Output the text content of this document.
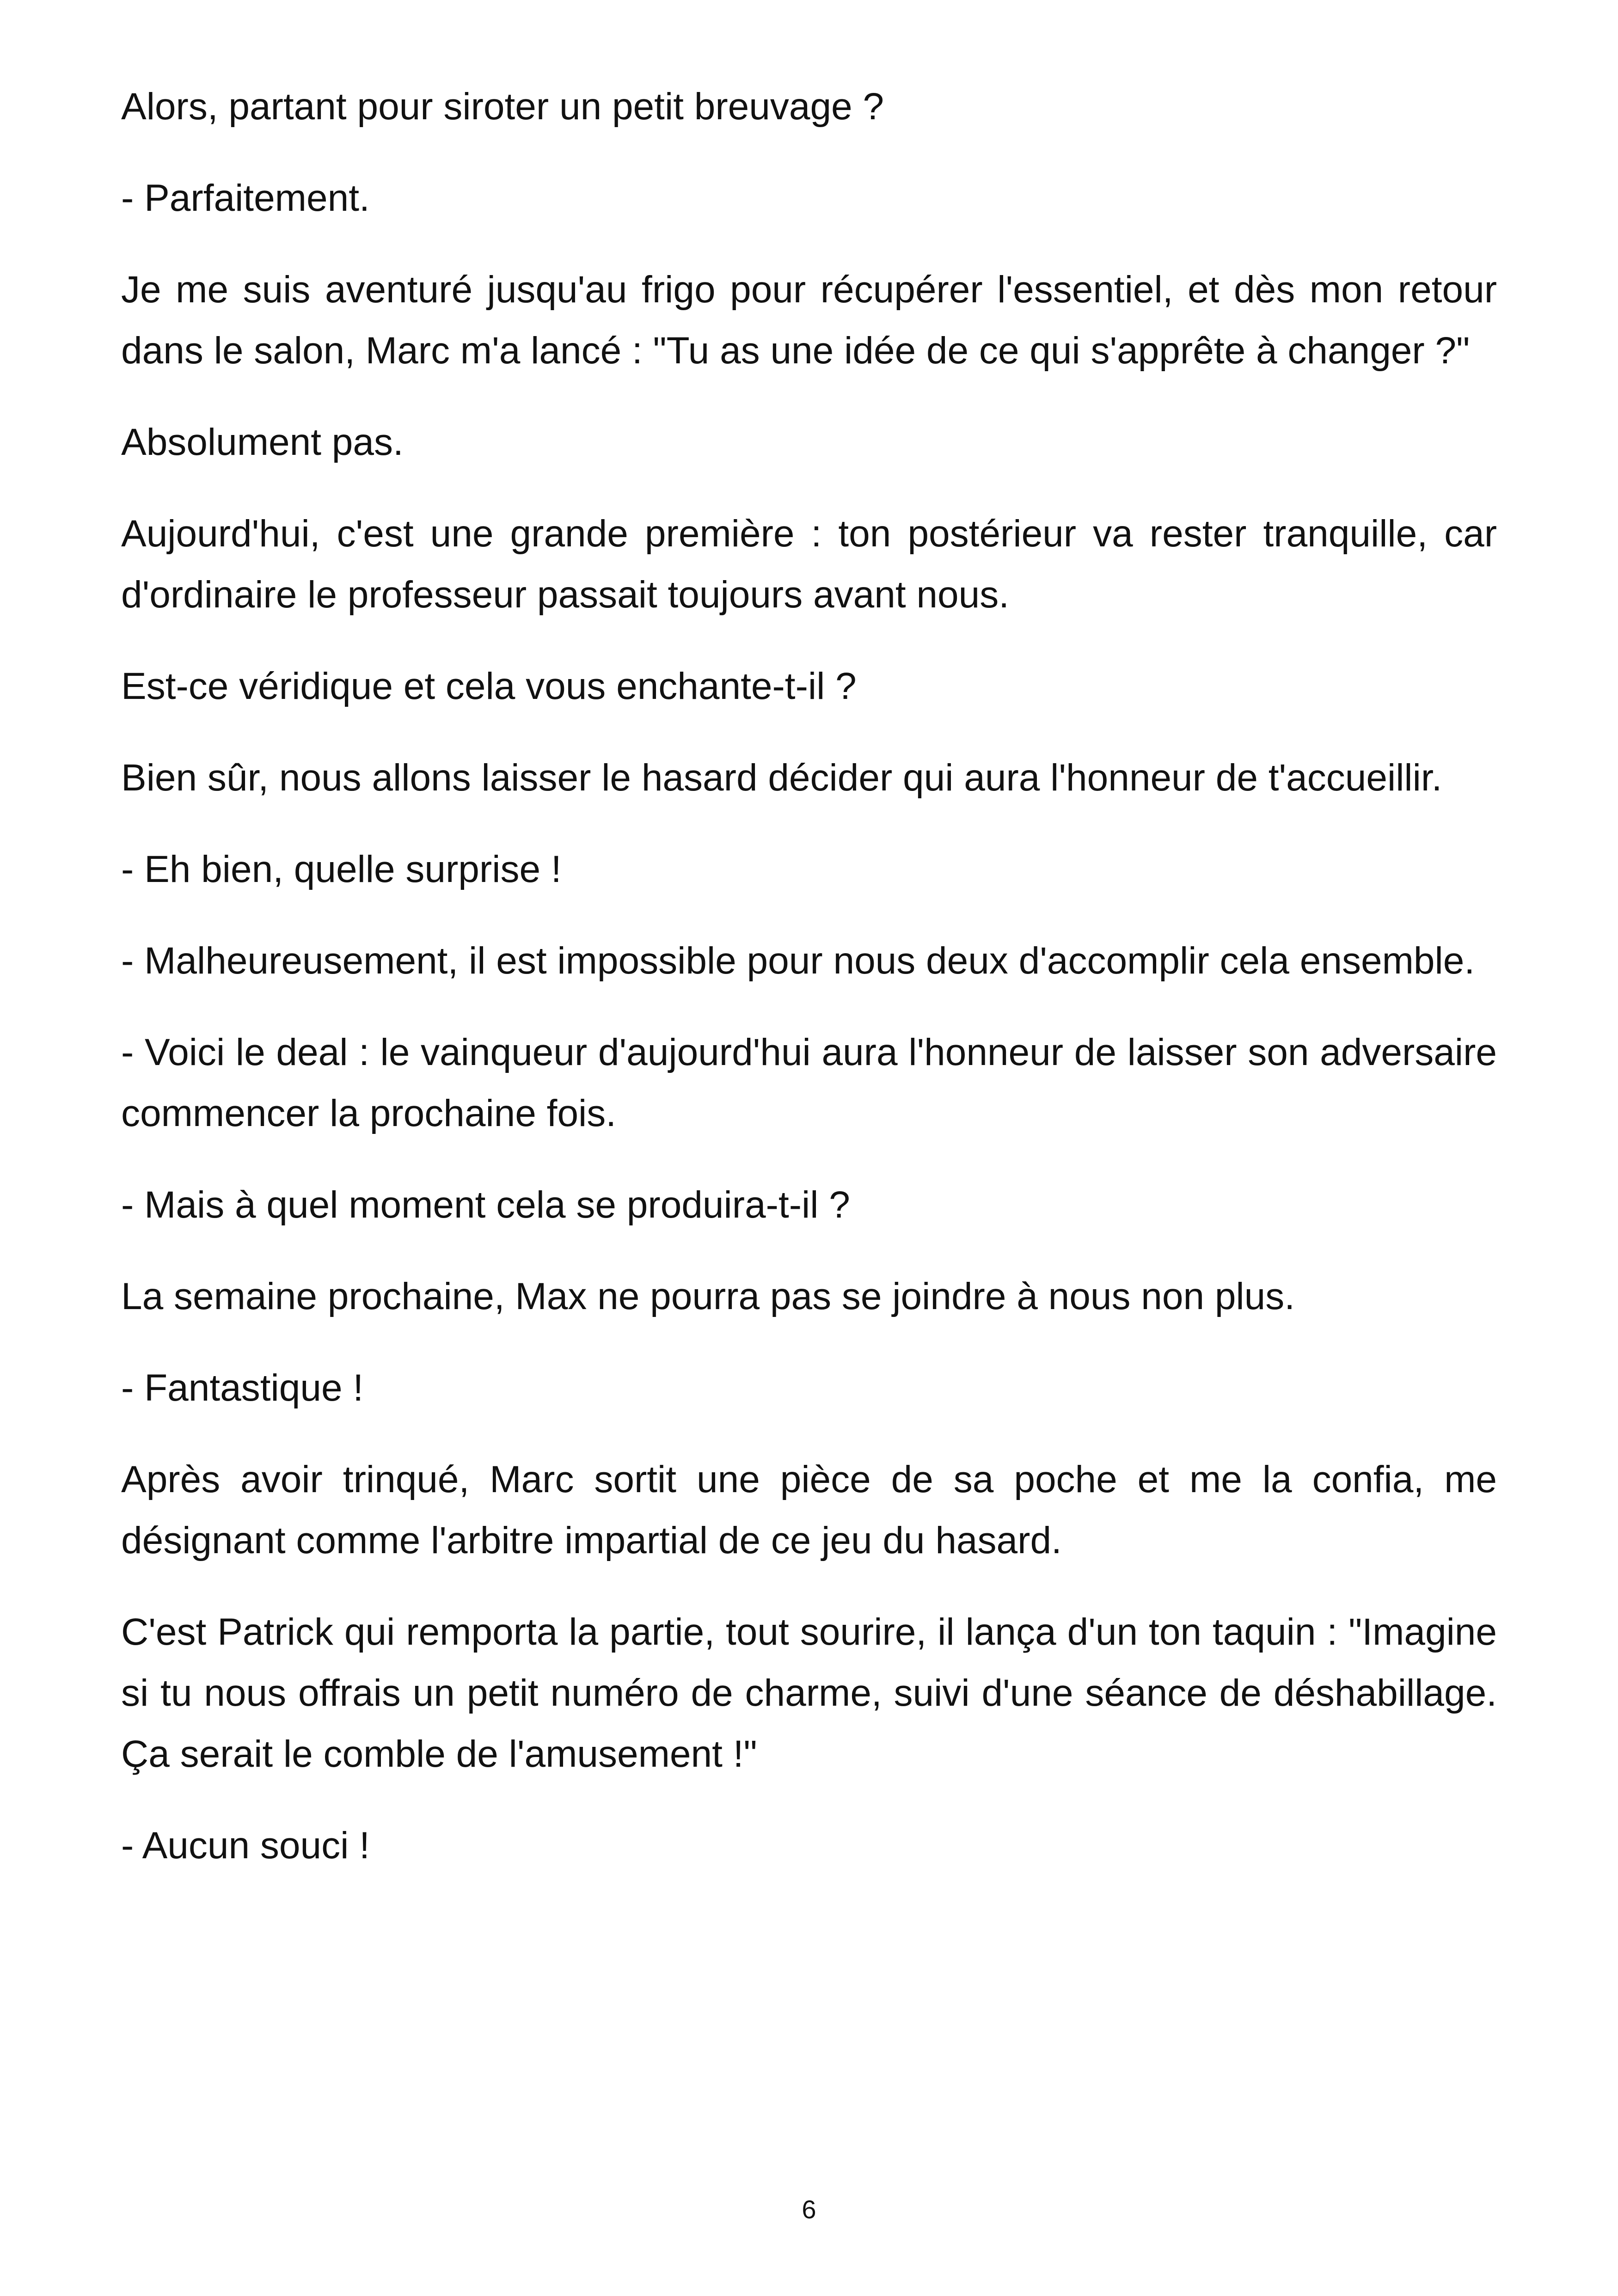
Alors, partant pour siroter un petit breuvage ?

- Parfaitement.

Je me suis aventuré jusqu'au frigo pour récupérer l'essentiel, et dès mon retour dans le salon, Marc m'a lancé : "Tu as une idée de ce qui s'apprête à changer ?"

Absolument pas.

Aujourd'hui, c'est une grande première : ton postérieur va rester tranquille, car d'ordinaire le professeur passait toujours avant nous.

Est-ce véridique et cela vous enchante-t-il ?

Bien sûr, nous allons laisser le hasard décider qui aura l'honneur de t'accueillir.

- Eh bien, quelle surprise !

- Malheureusement, il est impossible pour nous deux d'accomplir cela ensemble.

- Voici le deal : le vainqueur d'aujourd'hui aura l'honneur de laisser son adversaire commencer la prochaine fois.

- Mais à quel moment cela se produira-t-il ?

La semaine prochaine, Max ne pourra pas se joindre à nous non plus.

- Fantastique !

Après avoir trinqué, Marc sortit une pièce de sa poche et me la confia, me désignant comme l'arbitre impartial de ce jeu du hasard.

C'est Patrick qui remporta la partie, tout sourire, il lança d'un ton taquin : "Imagine si tu nous offrais un petit numéro de charme, suivi d'une séance de déshabillage. Ça serait le comble de l'amusement !"

- Aucun souci !

6
